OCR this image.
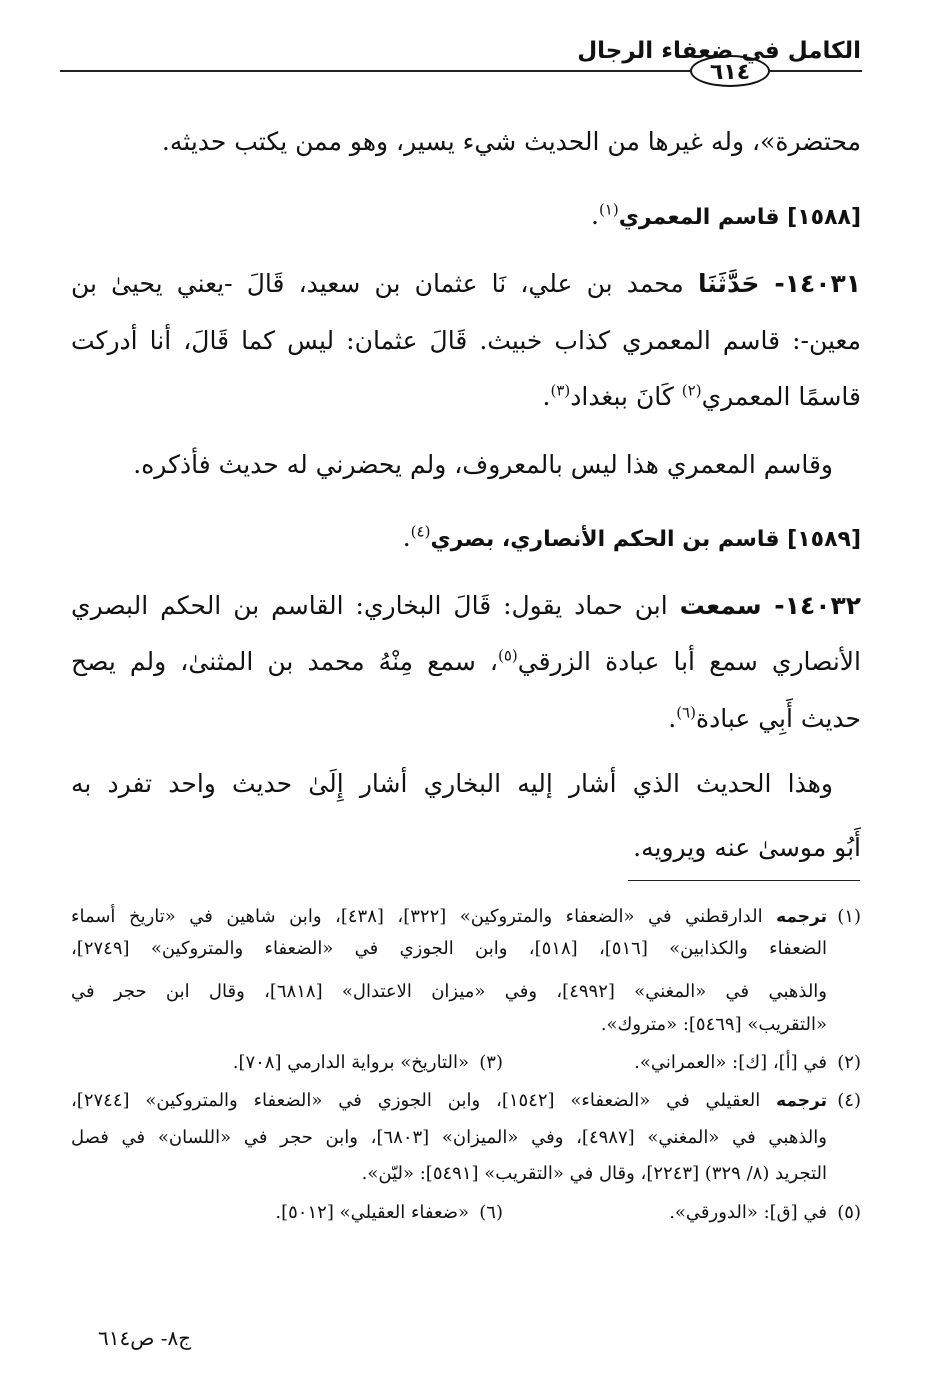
الكامل في ضعفاء الرجال
٦١٤
محتضرة»، وله غيرها من الحديث شيء يسير، وهو ممن يكتب حديثه.
[١٥٨٨] قاسم المعمري$^{(١)}$.
١٤٠٣١- حَدَّثَنَا محمد بن علي، نَا عثمان بن سعيد، قَالَ -يعني يحيىٰ بن
معين-: قاسم المعمري كذاب خبيث. قَالَ عثمان: ليس كما قَالَ، أنا أدركت
قاسمًا المعمري$^{(٢)}$ كَانَ ببغداد$^{(٣)}$.
وقاسم المعمري هذا ليس بالمعروف، ولم يحضرني له حديث فأذكره.
[١٥٨٩] قاسم بن الحكم الأنصاري، بصري$^{(٤)}$.
١٤٠٣٢- سمعت ابن حماد يقول: قَالَ البخاري: القاسم بن الحكم البصري
الأنصاري سمع أبا عبادة الزرقي$^{(٥)}$، سمع مِنْهُ محمد بن المثنىٰ، ولم يصح
حديث أَبِي عبادة$^{(٦)}$.
وهذا الحديث الذي أشار إليه البخاري أشار إِلَىٰ حديث واحد تفرد به
أَبُو موسىٰ عنه ويرويه.
(١)ترجمه الدارقطني في «الضعفاء والمتروكين» [٣٢٢]، [٤٣٨]، وابن شاهين في «تاريخ أسماء
الضعفاء والكذابين» [٥١٦]، [٥١٨]، وابن الجوزي في «الضعفاء والمتروكين» [٢٧٤٩]،
والذهبي في «المغني» [٤٩٩٢]، وفي «ميزان الاعتدال» [٦٨١٨]، وقال ابن حجر في
«التقريب» [٥٤٦٩]: «متروك».
(٢)في [أ]، [ك]: «العمراني».
(٣)«التاريخ» برواية الدارمي [٧٠٨].
(٤)ترجمه العقيلي في «الضعفاء» [١٥٤٢]، وابن الجوزي في «الضعفاء والمتروكين» [٢٧٤٤]،
والذهبي في «المغني» [٤٩٨٧]، وفي «الميزان» [٦٨٠٣]، وابن حجر في «اللسان» في فصل
التجريد (٨/ ٣٢٩) [٢٢٤٣]، وقال في «التقريب» [٥٤٩١]: «ليّن».
(٥)في [ق]: «الدورقي».
(٦)«ضعفاء العقيلي» [٥٠١٢].
ج٨- ص٦١٤
